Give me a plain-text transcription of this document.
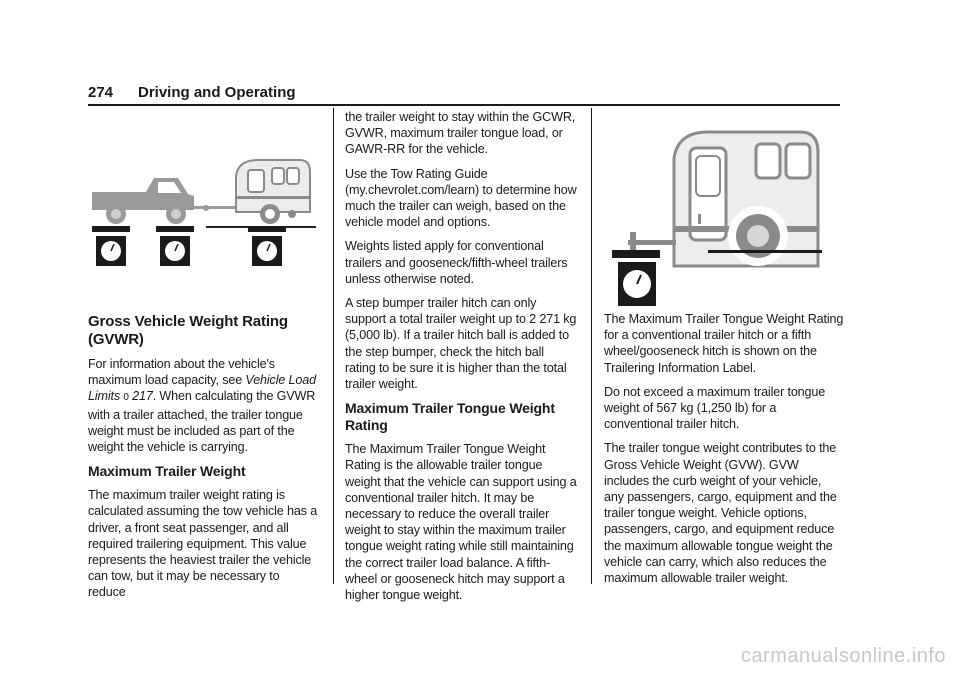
274 Driving and Operating
Gross Vehicle Weight Rating (GVWR)

For information about the vehicle's maximum load capacity, see Vehicle Load Limits 0 217. When calculating the GVWR with a trailer attached, the trailer tongue weight must be included as part of the weight the vehicle is carrying.

Maximum Trailer Weight

The maximum trailer weight rating is calculated assuming the tow vehicle has a driver, a front seat passenger, and all required trailering equipment. This value represents the heaviest trailer the vehicle can tow, but it may be necessary to reduce

the trailer weight to stay within the GCWR, GVWR, maximum trailer tongue load, or GAWR-RR for the vehicle.

Use the Tow Rating Guide (my.chevrolet.com/learn) to determine how much the trailer can weigh, based on the vehicle model and options.

Weights listed apply for conventional trailers and gooseneck/fifth-wheel trailers unless otherwise noted.

A step bumper trailer hitch can only support a total trailer weight up to 2 271 kg (5,000 lb). If a trailer hitch ball is added to the step bumper, check the hitch ball rating to be sure it is higher than the total trailer weight.

Maximum Trailer Tongue Weight Rating

The Maximum Trailer Tongue Weight Rating is the allowable trailer tongue weight that the vehicle can support using a conventional trailer hitch. It may be necessary to reduce the overall trailer weight to stay within the maximum trailer tongue weight rating while still maintaining the correct trailer load balance. A fifth-wheel or gooseneck hitch may support a higher tongue weight.

The Maximum Trailer Tongue Weight Rating for a conventional trailer hitch or a fifth wheel/gooseneck hitch is shown on the Trailering Information Label.

Do not exceed a maximum trailer tongue weight of 567 kg (1,250 lb) for a conventional trailer hitch.

The trailer tongue weight contributes to the Gross Vehicle Weight (GVW). GVW includes the curb weight of your vehicle, any passengers, cargo, equipment and the trailer tongue weight. Vehicle options, passengers, cargo, and equipment reduce the maximum allowable tongue weight the vehicle can carry, which also reduces the maximum allowable trailer weight.

carmanualsonline.info
